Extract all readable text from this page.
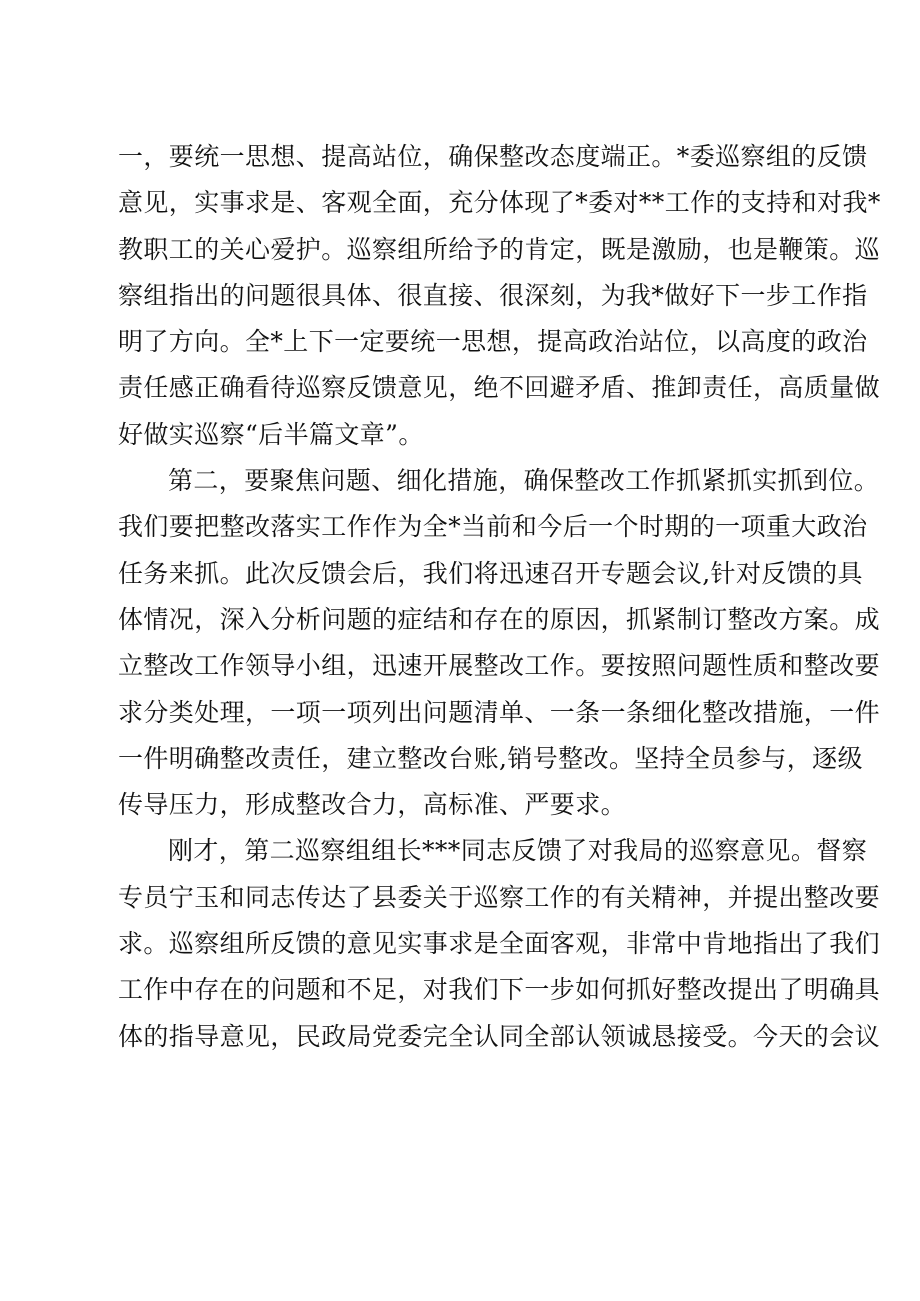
一，要统一思想、提高站位，确保整改态度端正。*委巡察组的反馈
意见，实事求是、客观全面，充分体现了*委对**工作的支持和对我*
教职工的关心爱护。巡察组所给予的肯定，既是激励，也是鞭策。巡
察组指出的问题很具体、很直接、很深刻，为我*做好下一步工作指
明了方向。全*上下一定要统一思想，提高政治站位，以高度的政治
责任感正确看待巡察反馈意见，绝不回避矛盾、推卸责任，高质量做
好做实巡察“后半篇文章”。
第二，要聚焦问题、细化措施，确保整改工作抓紧抓实抓到位。
我们要把整改落实工作作为全*当前和今后一个时期的一项重大政治
任务来抓。此次反馈会后，我们将迅速召开专题会议,针对反馈的具
体情况，深入分析问题的症结和存在的原因，抓紧制订整改方案。成
立整改工作领导小组，迅速开展整改工作。要按照问题性质和整改要
求分类处理，一项一项列出问题清单、一条一条细化整改措施，一件
一件明确整改责任，建立整改台账,销号整改。坚持全员参与，逐级
传导压力，形成整改合力，高标准、严要求。
刚才，第二巡察组组长***同志反馈了对我局的巡察意见。督察
专员宁玉和同志传达了县委关于巡察工作的有关精神，并提出整改要
求。巡察组所反馈的意见实事求是全面客观，非常中肯地指出了我们
工作中存在的问题和不足，对我们下一步如何抓好整改提出了明确具
体的指导意见，民政局党委完全认同全部认领诚恳接受。今天的会议
